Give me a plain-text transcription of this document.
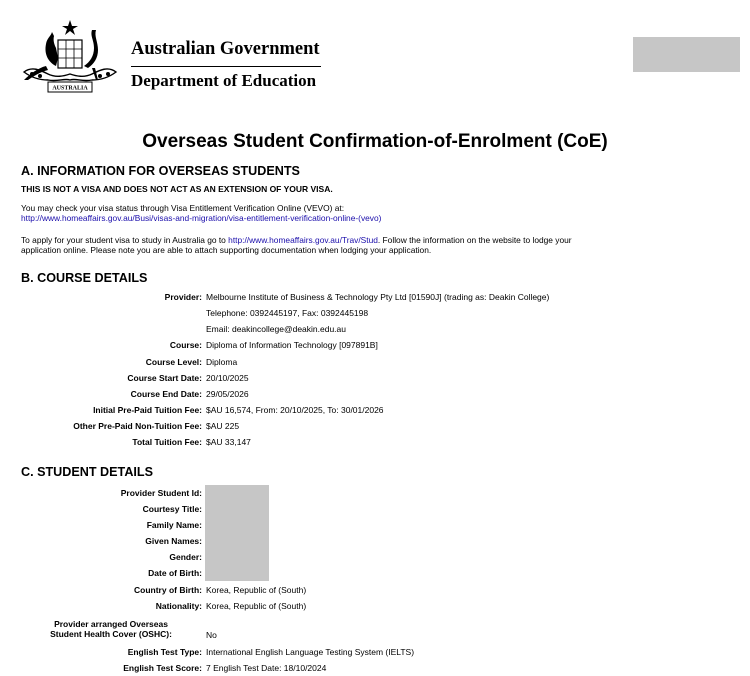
AUSTRALIA
Australian Government
Department of Education
Overseas Student Confirmation-of-Enrolment (CoE)
A. INFORMATION FOR OVERSEAS STUDENTS
THIS IS NOT A VISA AND DOES NOT ACT AS AN EXTENSION OF YOUR VISA.
You may check your visa status through Visa Entitlement Verification Online (VEVO) at:
http://www.homeaffairs.gov.au/Busi/visas-and-migration/visa-entitlement-verification-online-(vevo)
To apply for your student visa to study in Australia go to http://www.homeaffairs.gov.au/Trav/Stud. Follow the information on the website to lodge your
application online. Please note you are able to attach supporting documentation when lodging your application.
B. COURSE DETAILS
Provider: Melbourne Institute of Business & Technology Pty Ltd [01590J] (trading as: Deakin College)
Telephone: 0392445197, Fax: 0392445198
Email: deakincollege@deakin.edu.au
Course: Diploma of Information Technology [097891B]
Course Level: Diploma
Course Start Date: 20/10/2025
Course End Date: 29/05/2026
Initial Pre-Paid Tuition Fee: $AU 16,574, From: 20/10/2025, To: 30/01/2026
Other Pre-Paid Non-Tuition Fee: $AU 225
Total Tuition Fee: $AU 33,147
C. STUDENT DETAILS
Provider Student Id:
Courtesy Title:
Family Name:
Given Names:
Gender:
Date of Birth:
Country of Birth: Korea, Republic of (South)
Nationality: Korea, Republic of (South)
Provider arranged Overseas
Student Health Cover (OSHC):	No
English Test Type: International English Language Testing System (IELTS)
English Test Score: 7 English Test Date: 18/10/2024
